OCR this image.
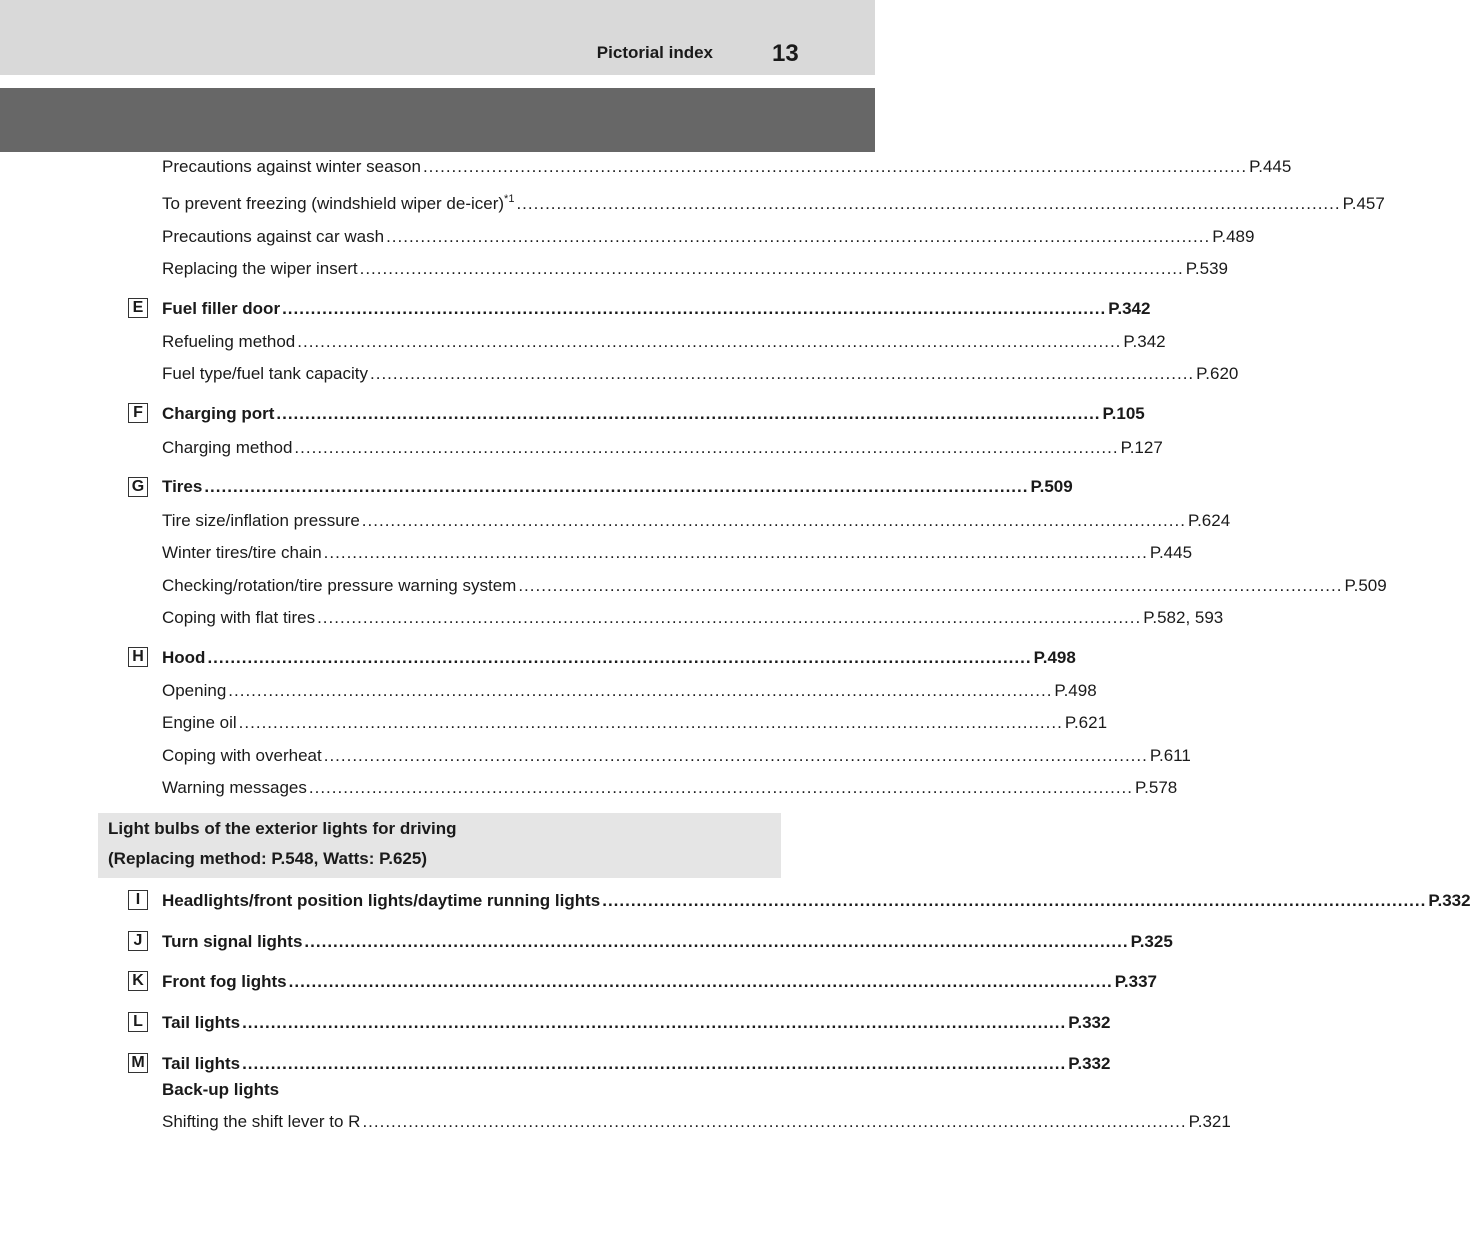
Pictorial index 13
Precautions against winter season ................................................................................................................................................ P.445
To prevent freezing (windshield wiper de-icer)$^{*1}$ ................................................................................................................................................ P.457
Precautions against car wash ................................................................................................................................................ P.489
Replacing the wiper insert ................................................................................................................................................ P.539
E Fuel filler door ................................................................................................................................................ P.342
Refueling method ................................................................................................................................................ P.342
Fuel type/fuel tank capacity ................................................................................................................................................ P.620
F	Charging port ................................................................................................................................................ P.105
Charging method ................................................................................................................................................ P.127
G Tires ................................................................................................................................................ P.509
Tire size/inflation pressure ................................................................................................................................................ P.624
Winter tires/tire chain ................................................................................................................................................ P.445
Checking/rotation/tire pressure warning system ................................................................................................................................................ P.509
Coping with flat tires ................................................................................................................................................ P.582, 593
H Hood ................................................................................................................................................ P.498
Opening ................................................................................................................................................ P.498
Engine oil ................................................................................................................................................ P.621
Coping with overheat ................................................................................................................................................ P.611
Warning messages ................................................................................................................................................ P.578
Light bulbs of the exterior lights for driving
(Replacing method: P.548, Watts: P.625)
I	Headlights/front position lights/daytime running lights ................................................................................................................................................ P.332
J	Turn signal lights ................................................................................................................................................ P.325
K Front fog lights ................................................................................................................................................ P.337
L	Tail lights ................................................................................................................................................ P.332
M Tail lights ................................................................................................................................................ P.332
Back-up lights
Shifting the shift lever to R ................................................................................................................................................ P.321
